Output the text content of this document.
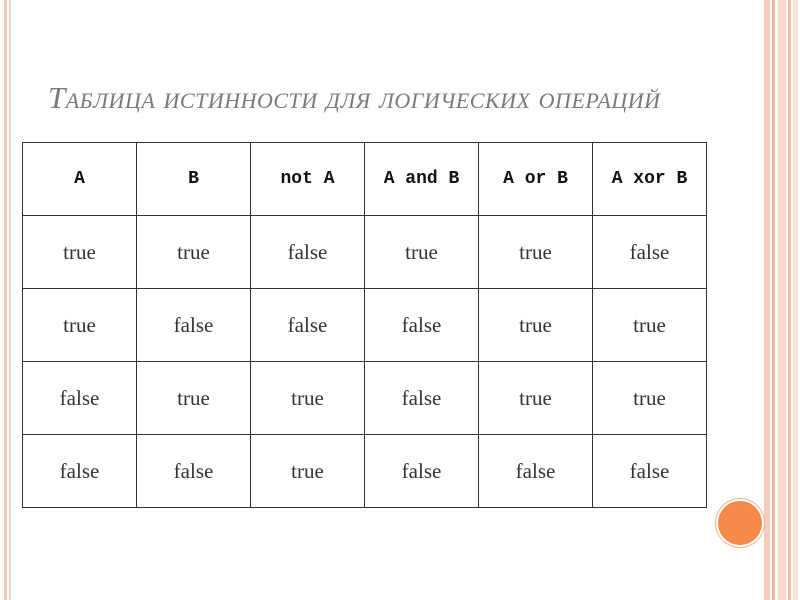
Таблица истинности для логических операций
A	B	not A	A and B	A or B	A xor B
true	true	false	true	true	false
true	false	false	false	true	true
false	true	true	false	true	true
false	false	true	false	false	false
